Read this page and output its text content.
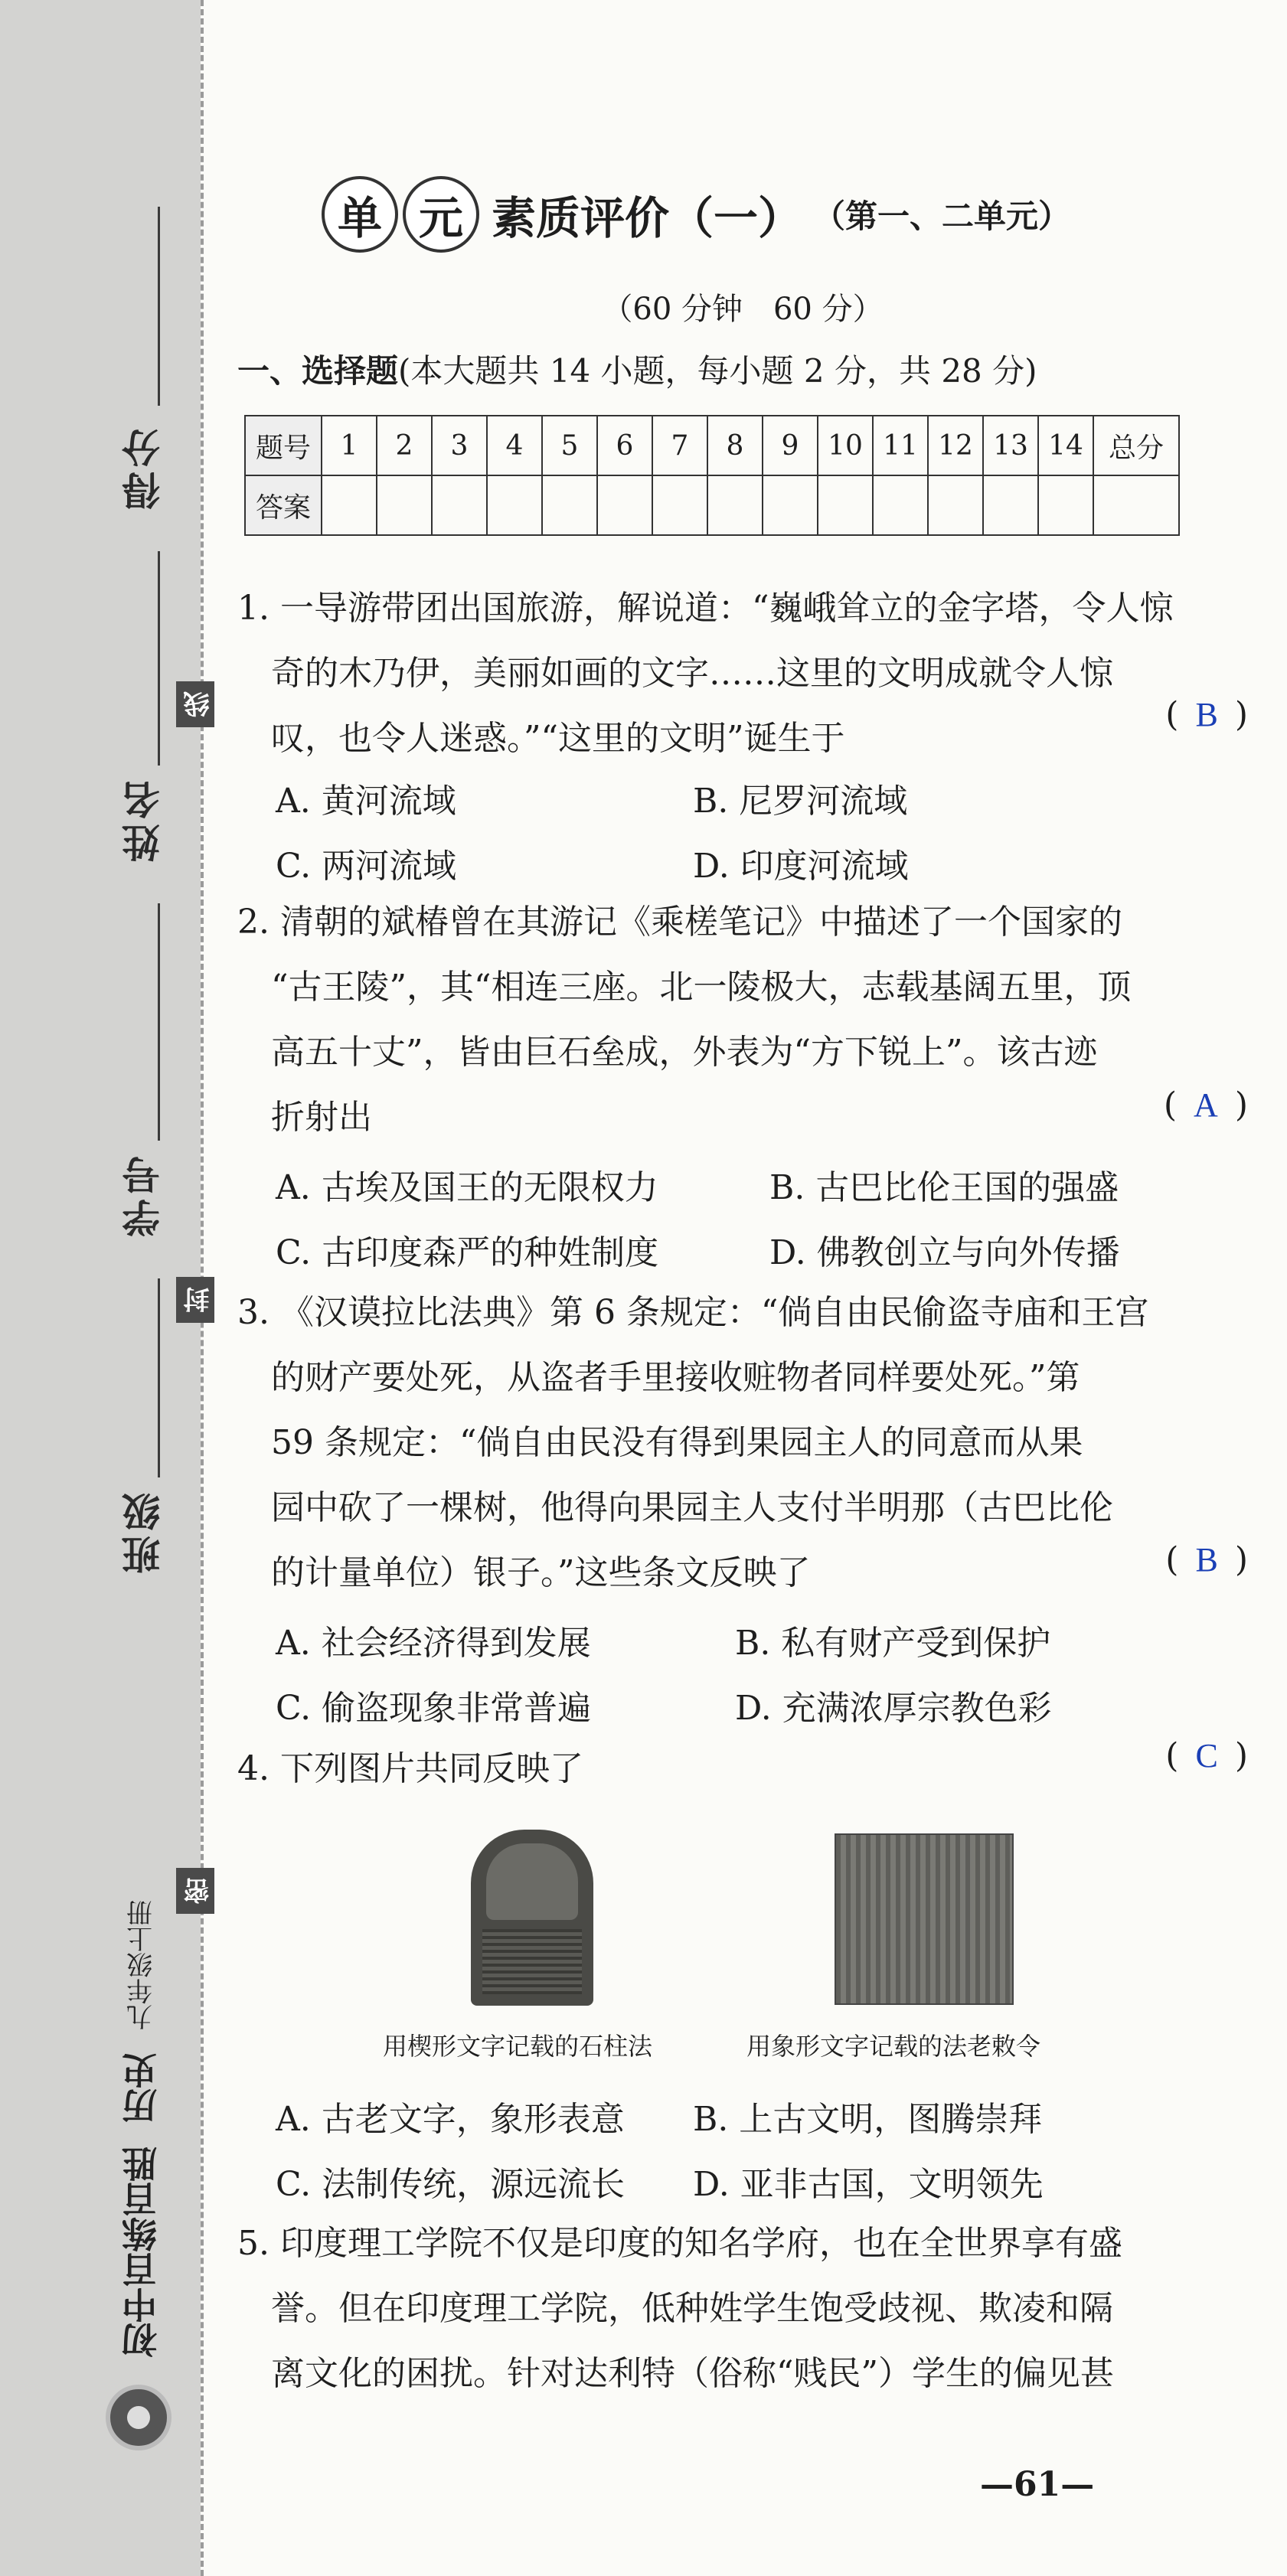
得分
姓名
学号
班级
线
封
密
初中百练百胜
历史
九年级上册
单 元 素质评价（一） （第一、二单元）
（60 分钟　60 分）
一、选择题(本大题共 14 小题，每小题 2 分，共 28 分)
题号	1	2	3	4	5	6	7	8	9	10	11	12	13	14	总分
答案															
1. 一导游带团出国旅游，解说道：“巍峨耸立的金字塔，令人惊
　奇的木乃伊，美丽如画的文字……这里的文明成就令人惊
　叹，也令人迷惑。”“这里的文明”诞生于
( B )
A. 黄河流域	B. 尼罗河流域
C. 两河流域	D. 印度河流域
2. 清朝的斌椿曾在其游记《乘槎笔记》中描述了一个国家的
　“古王陵”，其“相连三座。北一陵极大，志载基阔五里，顶
　高五十丈”，皆由巨石垒成，外表为“方下锐上”。该古迹
　折射出	( A )
A. 古埃及国王的无限权力	B. 古巴比伦王国的强盛
C. 古印度森严的种姓制度	D. 佛教创立与向外传播
3. 《汉谟拉比法典》第 6 条规定：“倘自由民偷盗寺庙和王宫
　的财产要处死，从盗者手里接收赃物者同样要处死。”第
　59 条规定：“倘自由民没有得到果园主人的同意而从果
　园中砍了一棵树，他得向果园主人支付半明那（古巴比伦
　的计量单位）银子。”这些条文反映了	( B )
A. 社会经济得到发展	B. 私有财产受到保护
C. 偷盗现象非常普遍	D. 充满浓厚宗教色彩
4. 下列图片共同反映了	( C )
用楔形文字记载的石柱法	用象形文字记载的法老敕令
A. 古老文字，象形表意 B. 上古文明，图腾崇拜
C. 法制传统，源远流长 D. 亚非古国，文明领先
5. 印度理工学院不仅是印度的知名学府，也在全世界享有盛
　誉。但在印度理工学院，低种姓学生饱受歧视、欺凌和隔
　离文化的困扰。针对达利特（俗称“贱民”）学生的偏见甚
—61—
